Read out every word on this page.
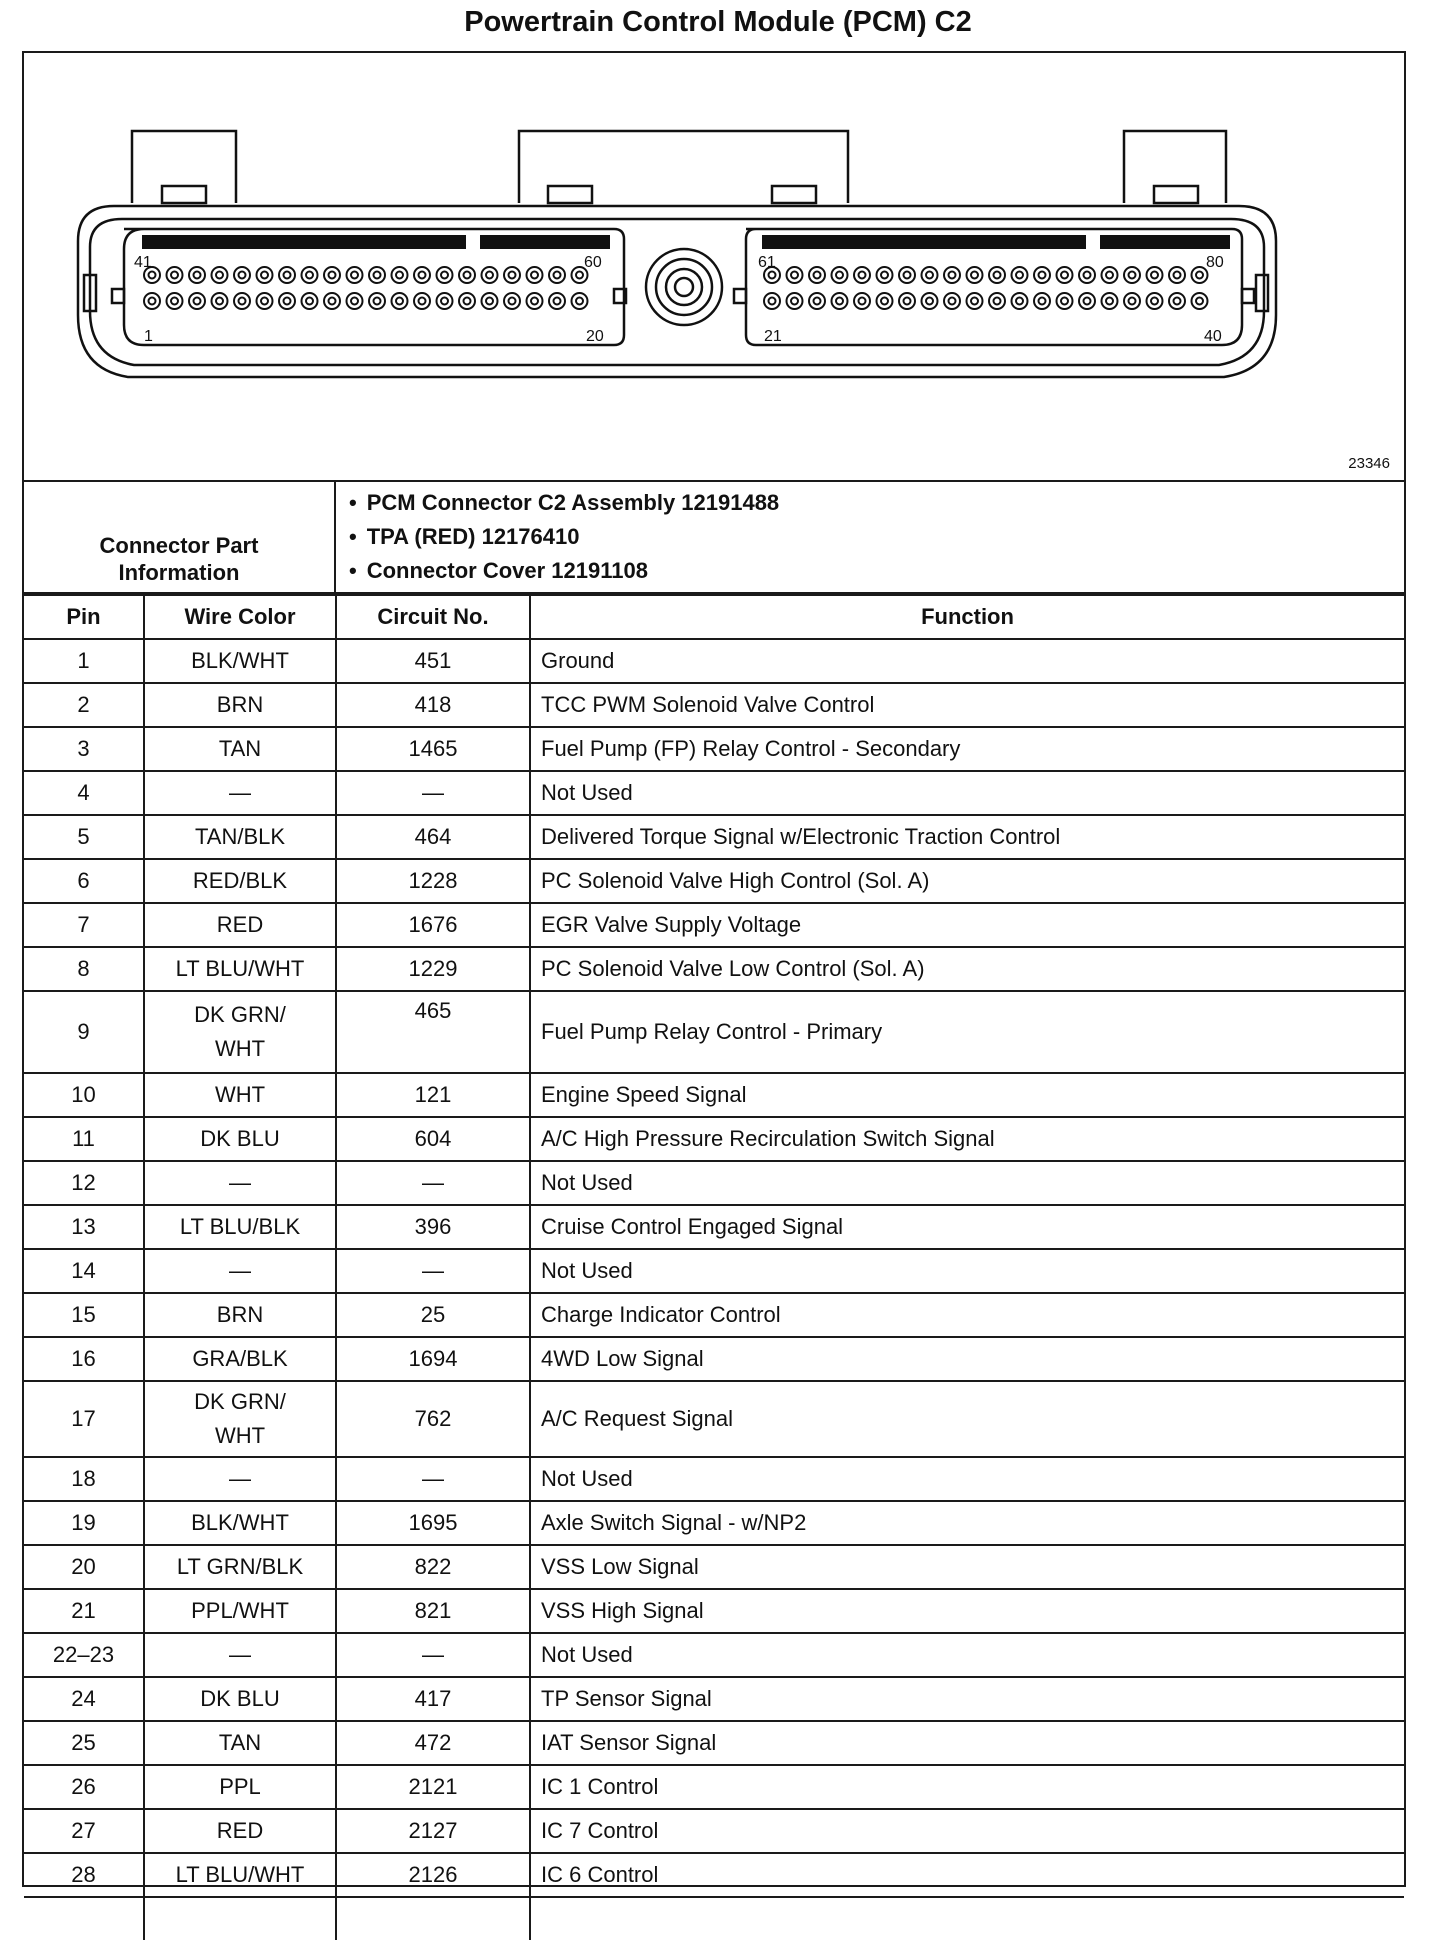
Powertrain Control Module (PCM) C2
41	60
1	20
61	80
21	40
23346
Connector Part
Information
• PCM Connector C2 Assembly 12191488
• TPA (RED) 12176410
• Connector Cover 12191108
Pin	Wire Color	Circuit No.	Function
1	BLK/WHT	451	Ground
2	BRN	418	TCC PWM Solenoid Valve Control
3	TAN	1465	Fuel Pump (FP) Relay Control - Secondary
4	—	—	Not Used
5	TAN/BLK	464	Delivered Torque Signal w/Electronic Traction Control
6	RED/BLK	1228	PC Solenoid Valve High Control (Sol. A)
7	RED	1676	EGR Valve Supply Voltage
8	LT BLU/WHT	1229	PC Solenoid Valve Low Control (Sol. A)
9	DK GRN/
WHT	465	Fuel Pump Relay Control - Primary
10	WHT	121	Engine Speed Signal
11	DK BLU	604	A/C High Pressure Recirculation Switch Signal
12	—	—	Not Used
13	LT BLU/BLK	396	Cruise Control Engaged Signal
14	—	—	Not Used
15	BRN	25	Charge Indicator Control
16	GRA/BLK	1694	4WD Low Signal
17	DK GRN/
WHT	762	A/C Request Signal
18	—	—	Not Used
19	BLK/WHT	1695	Axle Switch Signal - w/NP2
20	LT GRN/BLK	822	VSS Low Signal
21	PPL/WHT	821	VSS High Signal
22–23	—	—	Not Used
24	DK BLU	417	TP Sensor Signal
25	TAN	472	IAT Sensor Signal
26	PPL	2121	IC 1 Control
27	RED	2127	IC 7 Control
28	LT BLU/WHT	2126	IC 6 Control
